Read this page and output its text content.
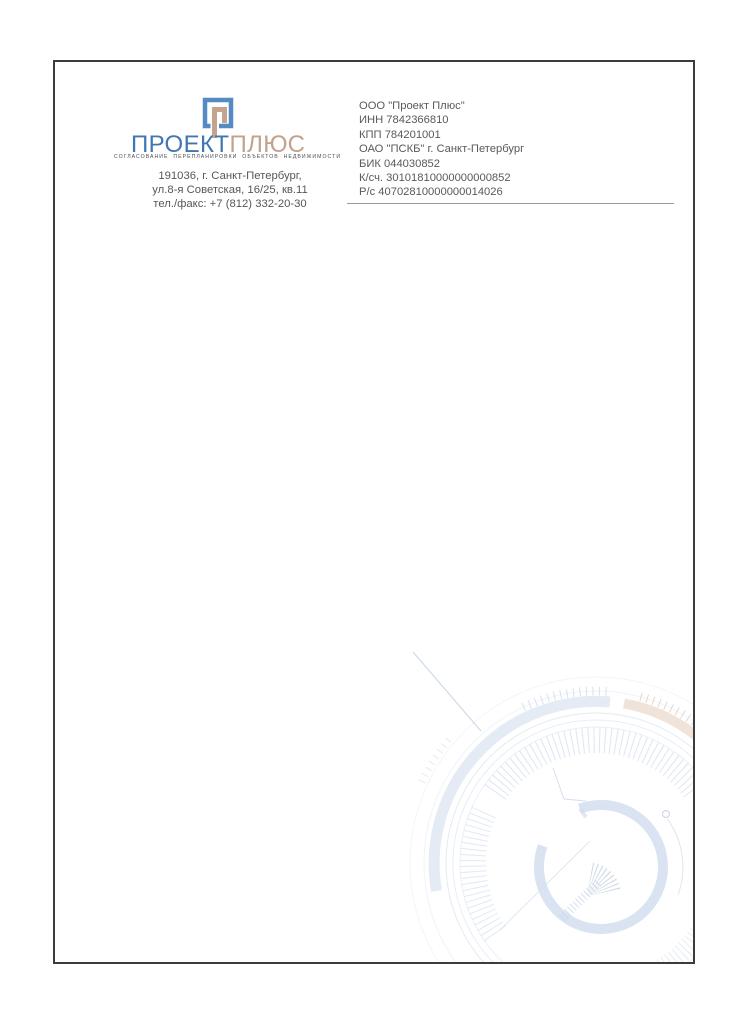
ПРОЕКТПЛЮС
СОГЛАСОВАНИЕ ПЕРЕПЛАНИРОВКИ ОБЪЕКТОВ НЕДВИЖИМОСТИ
191036, г. Санкт-Петербург,
ул.8-я Советская, 16/25, кв.11
тел./факс: +7 (812) 332-20-30
ООО "Проект Плюс"
ИНН 7842366810
КПП 784201001
ОАО "ПСКБ" г. Санкт-Петербург
БИК 044030852
К/сч. 30101810000000000852
Р/с 40702810000000014026
